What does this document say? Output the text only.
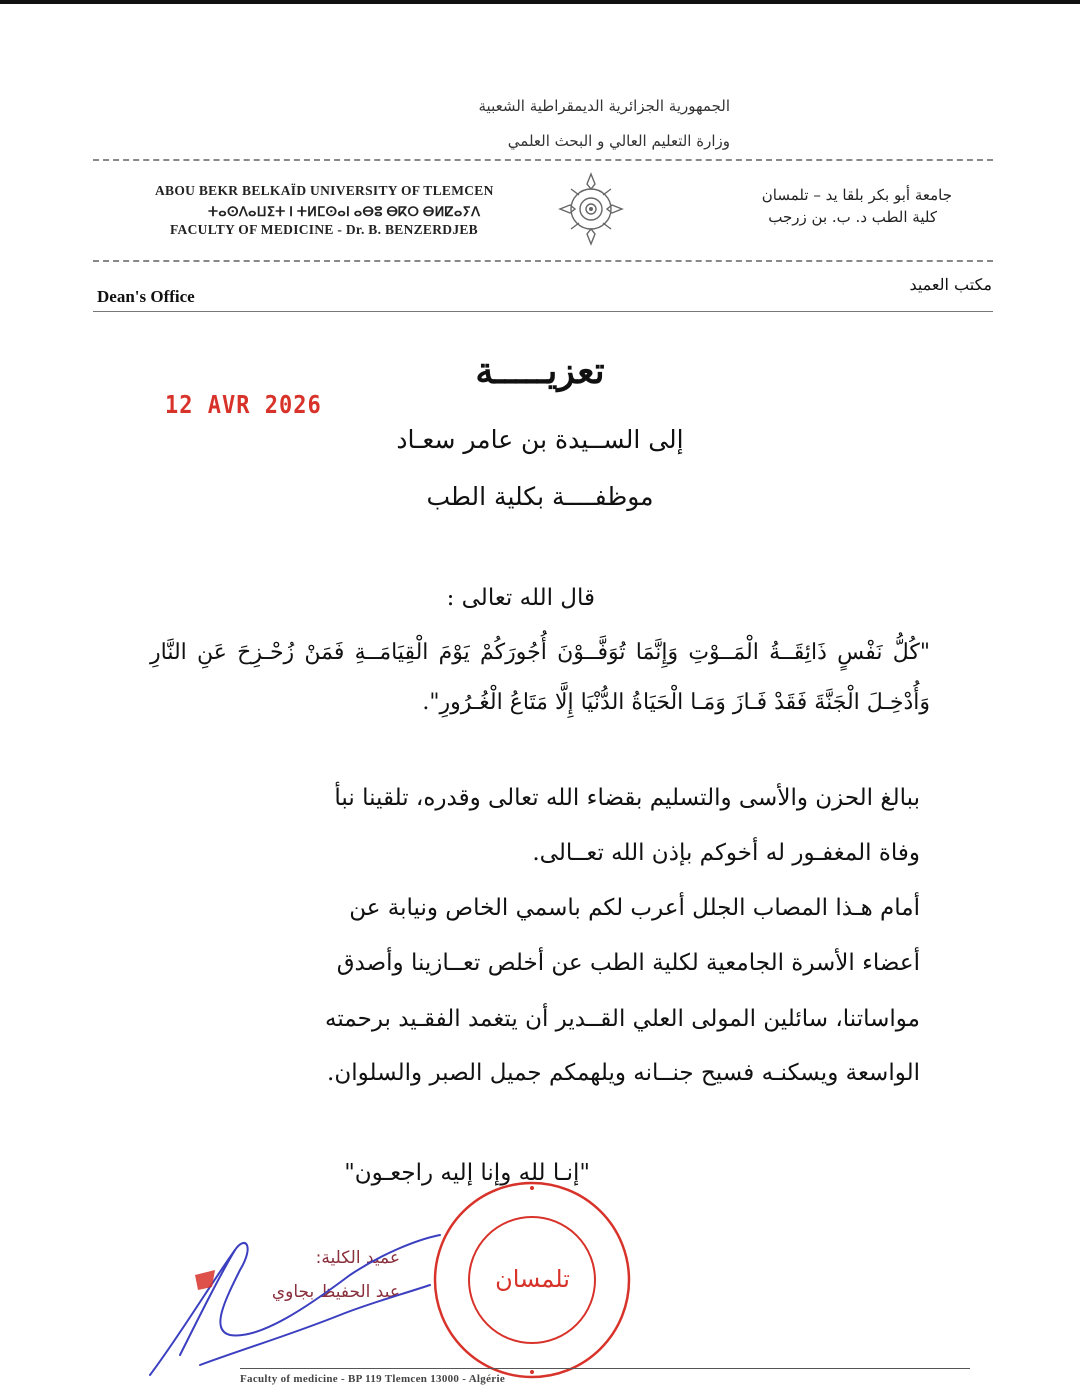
الجمهورية الجزائرية الديمقراطية الشعبية
وزارة التعليم العالي و البحث العلمي
ABOU BEKR BELKAÏD UNIVERSITY OF TLEMCEN
ⵜⴰⵙⴷⴰⵡⵉⵜ ⵏ ⵜⵍⵎⵙⴰⵏ ⴰⴱⵓ ⴱⴽⵔ ⴱⵍⵇⴰⵢⴷ
FACULTY OF MEDICINE - Dr. B. BENZERDJEB
جامعة أبو بكر بلقا يد – تلمسان
كلية الطب د. ب. بن زرجب
Dean's Office
مكتب العميد
تعزيـــــة
12 AVR 2026
إلى الســيدة بن عامر سعـاد
موظفــــة بكلية الطب
قال الله تعالى :
"كُلُّ نَفْسٍ ذَائِقَــةُ الْمَــوْتِ وَإِنَّمَا تُوَفَّــوْنَ أُجُورَكُمْ يَوْمَ الْقِيَامَــةِ فَمَنْ زُحْـزِحَ عَنِ النَّارِ وَأُدْخِـلَ الْجَنَّةَ فَقَدْ فَـازَ وَمَـا الْحَيَاةُ الدُّنْيَا إِلَّا مَتَاعُ الْغُـرُورِ".
ببالغ الحزن والأسى والتسليم بقضاء الله تعالى وقدره، تلقينا نبأ
وفاة المغفـور له أخوكم بإذن الله تعــالى.
أمام هـذا المصاب الجلل أعرب لكم باسمي الخاص ونيابة عن
أعضاء الأسرة الجامعية لكلية الطب عن أخلص تعــازينا وأصدق
مواساتنا، سائلين المولى العلي القــدير أن يتغمد الفقـيد برحمته
الواسعة ويسكنـه فسيح جنــانه ويلهمكم جميل الصبر والسلوان.
"إنـا لله وإنا إليه راجعـون"
عميد الكلية:
عبد الحفيظ بجاوي	تلمسان
Faculty of medicine - BP 119 Tlemcen 13000 - Algérie
